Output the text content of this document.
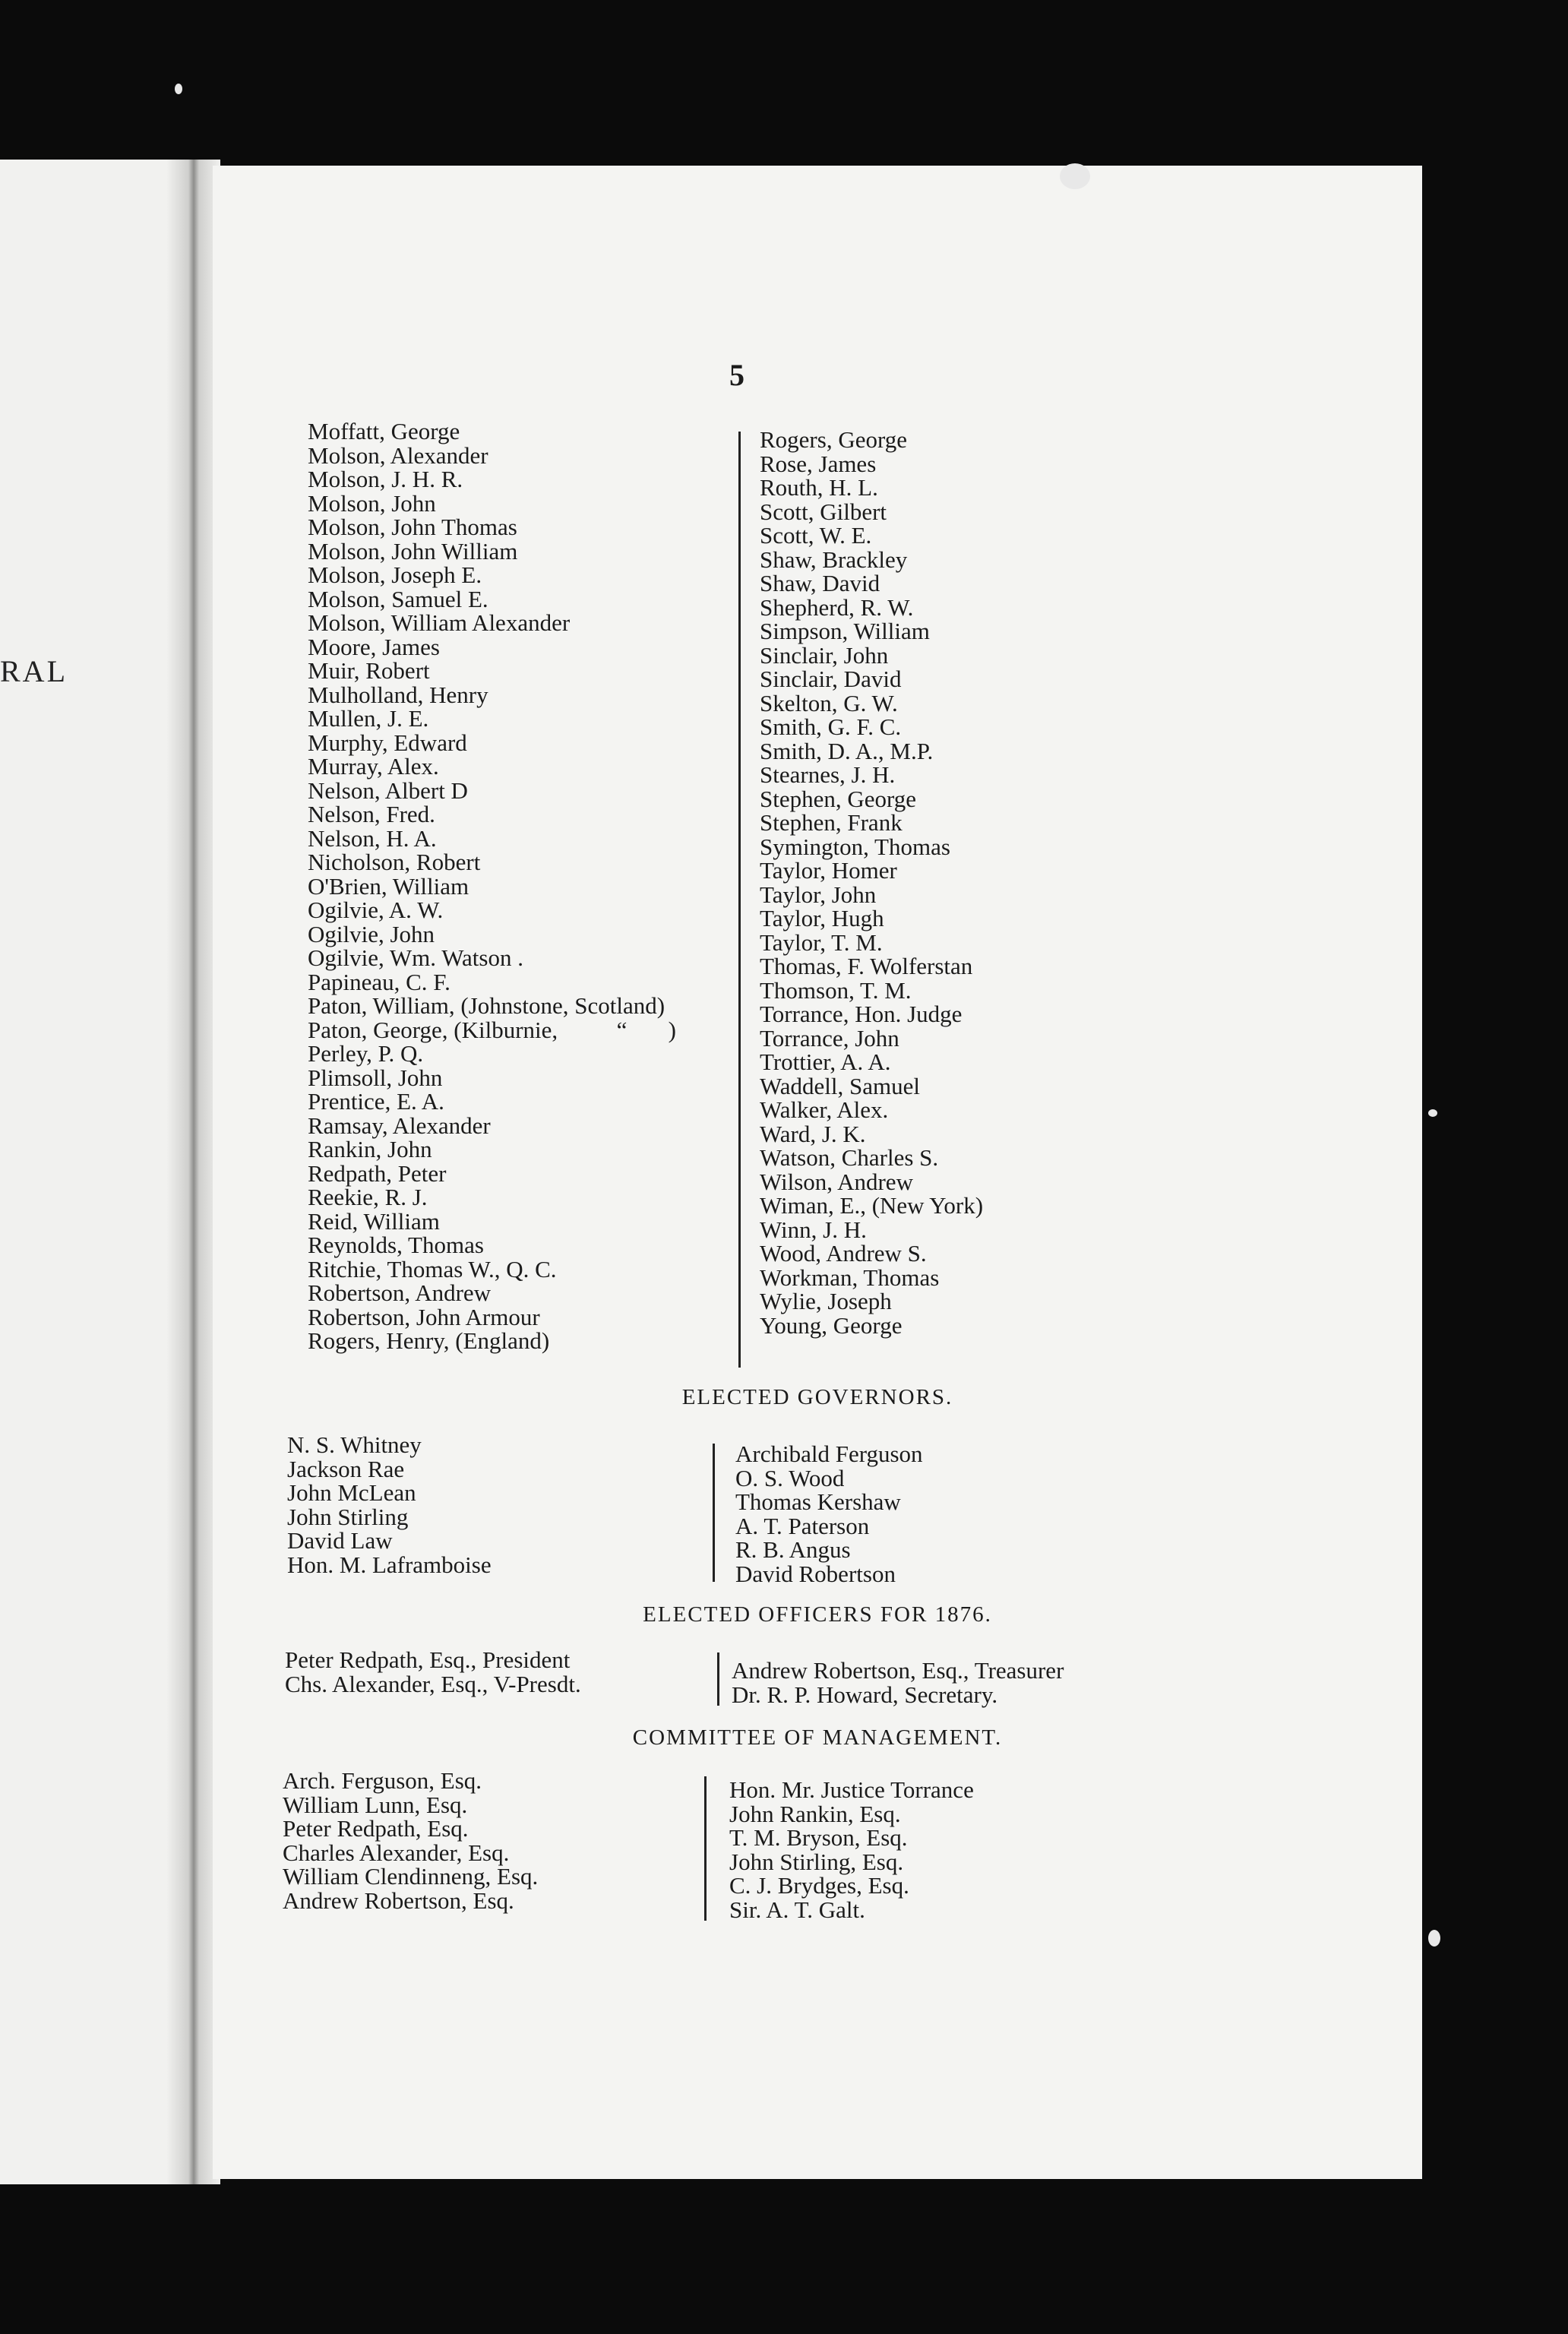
RAL
5
Moffatt, George
Molson, Alexander
Molson, J. H. R.
Molson, John
Molson, John Thomas
Molson, John William
Molson, Joseph E.
Molson, Samuel E.
Molson, William Alexander
Moore, James
Muir, Robert
Mulholland, Henry
Mullen, J. E.
Murphy, Edward
Murray, Alex.
Nelson, Albert D
Nelson, Fred.
Nelson, H. A.
Nicholson, Robert
O'Brien, William
Ogilvie, A. W.
Ogilvie, John
Ogilvie, Wm. Watson .
Papineau, C. F.
Paton, William, (Johnstone, Scotland)
Paton, George, (Kilburnie,          “       )
Perley, P. Q.
Plimsoll, John
Prentice, E. A.
Ramsay, Alexander
Rankin, John
Redpath, Peter
Reekie, R. J.
Reid, William
Reynolds, Thomas
Ritchie, Thomas W., Q. C.
Robertson, Andrew
Robertson, John Armour
Rogers, Henry, (England)
Rogers, George
Rose, James
Routh, H. L.
Scott, Gilbert
Scott, W. E.
Shaw, Brackley
Shaw, David
Shepherd, R. W.
Simpson, William
Sinclair, John
Sinclair, David
Skelton, G. W.
Smith, G. F. C.
Smith, D. A., M.P.
Stearnes, J. H.
Stephen, George
Stephen, Frank
Symington, Thomas
Taylor, Homer
Taylor, John
Taylor, Hugh
Taylor, T. M.
Thomas, F. Wolferstan
Thomson, T. M.
Torrance, Hon. Judge
Torrance, John
Trottier, A. A.
Waddell, Samuel
Walker, Alex.
Ward, J. K.
Watson, Charles S.
Wilson, Andrew
Wiman, E., (New York)
Winn, J. H.
Wood, Andrew S.
Workman, Thomas
Wylie, Joseph
Young, George
ELECTED GOVERNORS.
N. S. Whitney
Jackson Rae
John McLean
John Stirling
David Law
Hon. M. Laframboise
Archibald Ferguson
O. S. Wood
Thomas Kershaw
A. T. Paterson
R. B. Angus
David Robertson
ELECTED OFFICERS FOR 1876.
Peter Redpath, Esq., President
Chs. Alexander, Esq., V-Presdt.	Andrew Robertson, Esq., Treasurer
Dr. R. P. Howard, Secretary.
COMMITTEE OF MANAGEMENT.
Arch. Ferguson, Esq.
William Lunn, Esq.
Peter Redpath, Esq.
Charles Alexander, Esq.
William Clendinneng, Esq.
Andrew Robertson, Esq.
Hon. Mr. Justice Torrance
John Rankin, Esq.
T. M. Bryson, Esq.
John Stirling, Esq.
C. J. Brydges, Esq.
Sir. A. T. Galt.
